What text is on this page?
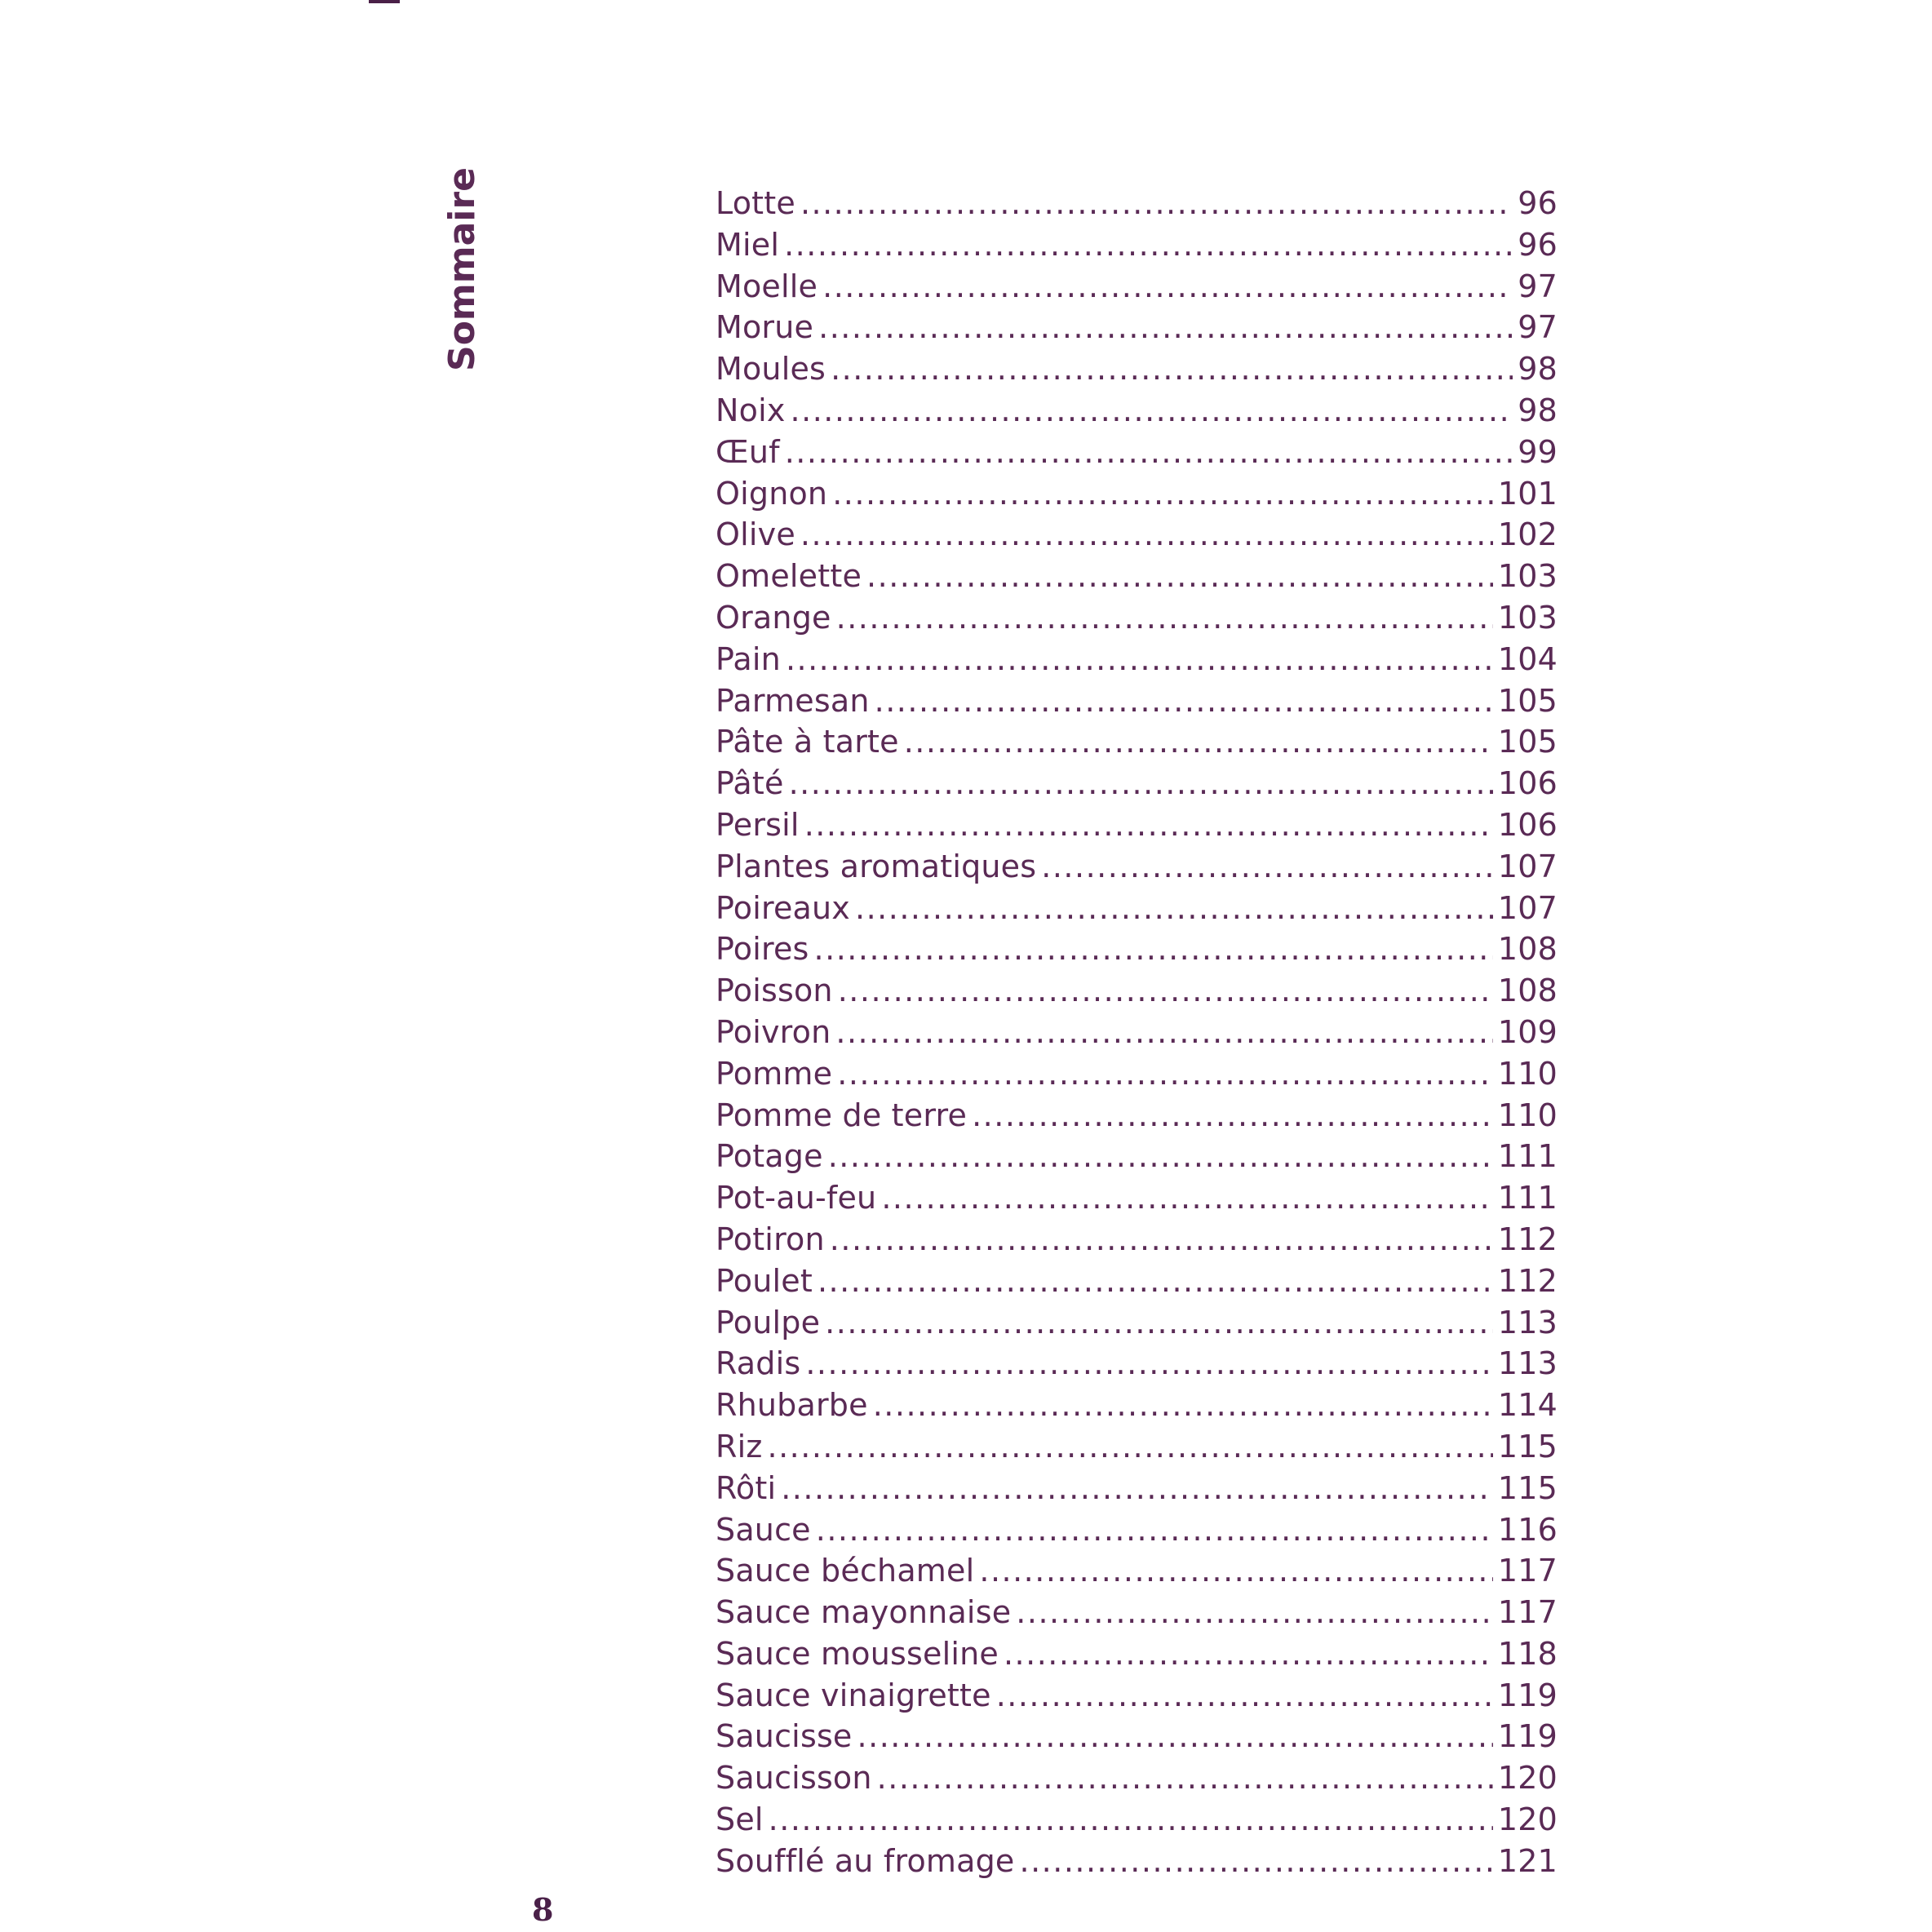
Sommaire	Lotte .....	96
Miel .....	96
Moelle .....	97
Morue .....	97
Moules .....	98
Noix .....	98
Œuf .....	99
Oignon .....	101
Olive .....	102
Omelette .....	103
Orange .....	103
Pain .....	104
Parmesan .....	105
Pâte à tarte .....	105
Pâté .....	106
Persil .....	106
Plantes aromatiques .....	107
Poireaux .....	107
Poires .....	108
Poisson .....	108
Poivron .....	109
Pomme .....	110
Pomme de terre .....	110
Potage .....	111
Pot-au-feu .....	111
Potiron .....	112
Poulet .....	112
Poulpe .....	113
Radis .....	113
Rhubarbe .....	114
Riz .....	115
Rôti .....	115
Sauce .....	116
Sauce béchamel .....	117
Sauce mayonnaise .....	117
Sauce mousseline .....	118
Sauce vinaigrette .....	119
Saucisse .....	119
Saucisson .....	120
Sel .....	120
Soufflé au fromage .....	121
8
